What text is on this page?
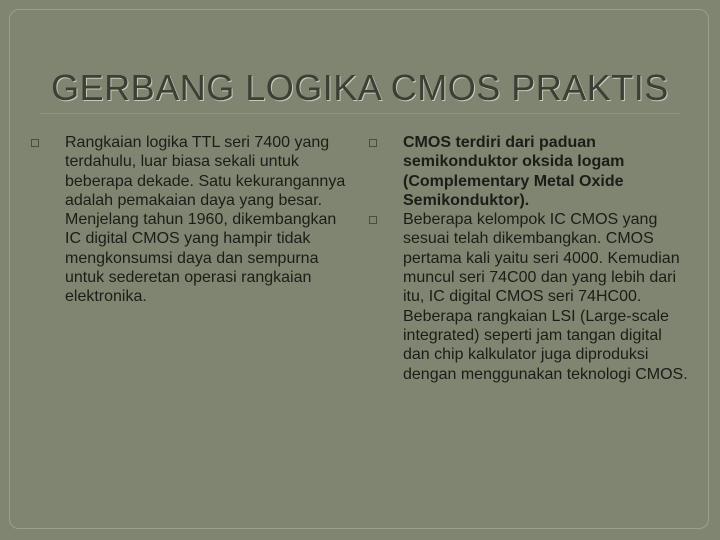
GERBANG LOGIKA CMOS PRAKTIS
Rangkaian logika TTL seri 7400 yang terdahulu, luar biasa sekali untuk beberapa dekade. Satu kekurangannya adalah pemakaian daya yang besar. Menjelang tahun 1960, dikembangkan IC digital CMOS yang hampir tidak mengkonsumsi daya dan sempurna untuk sederetan operasi rangkaian elektronika.
CMOS terdiri dari paduan semikonduktor oksida logam (Complementary Metal Oxide Semikonduktor).
Beberapa kelompok IC CMOS yang sesuai telah dikembangkan. CMOS pertama kali yaitu seri 4000. Kemudian muncul seri 74C00 dan yang lebih dari itu, IC digital CMOS seri 74HC00. Beberapa rangkaian LSI (Large-scale integrated) seperti jam tangan digital dan chip kalkulator juga diproduksi dengan menggunakan teknologi CMOS.
